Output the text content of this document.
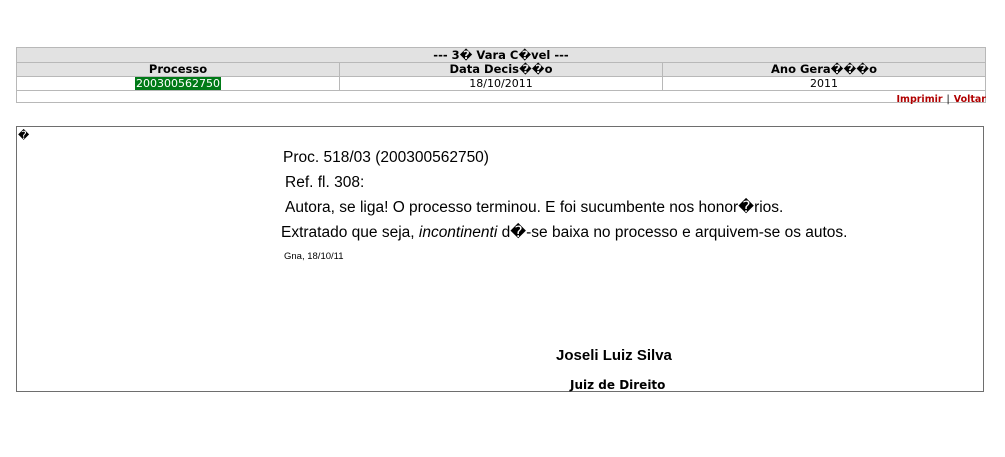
--- 3� Vara C�vel ---		
Processo	Data Decis��o	Ano Gera���o
200300562750	18/10/2011	2011

Imprimir | Voltar
�
Proc. 518/03 (200300562750)
Ref. fl. 308:
Autora, se liga! O processo terminou. E foi sucumbente nos honor�rios.
Extratado que seja, incontinenti d�-se baixa no processo e arquivem-se os autos.
Gna, 18/10/11
Joseli Luiz Silva
Juiz de Direito
